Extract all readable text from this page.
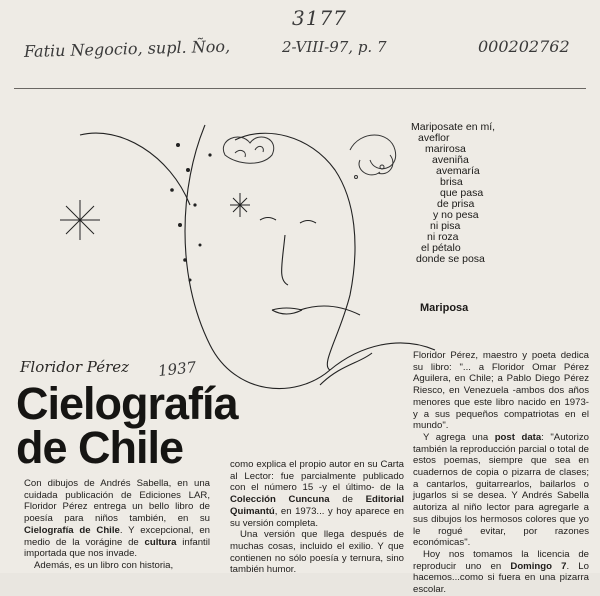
3177
Fatiu Negocio, supl. Ñoo,	2-VIII-97, p. 7	000202762
Mariposate en mí,
aveflor
marirosa
aveniña
avemaría
brisa
que pasa
de prisa
y no pesa
ni pisa
ni roza
el pétalo
donde se posa
Mariposa
Floridor Pérez 1937
Cielografía
de Chile

Con dibujos de Andrés Sabella, en una cuidada publicación de Ediciones LAR, Floridor Pérez entrega un bello libro de poesía para niños también, en su Cielografía de Chile. Y excepcional, en medio de la vorágine de cultura infantil importada que nos invade.

Además, es un libro con historia,

como explica el propio autor en su Carta al Lector: fue parcialmente publicado con el número 15 -y el último- de la Colección Cuncuna de Editorial Quimantú, en 1973... y hoy aparece en su versión completa.

Una versión que llega después de muchas cosas, incluido el exilio. Y que contienen no sólo poesía y ternura, sino también humor.

Floridor Pérez, maestro y poeta dedica su libro: "... a Floridor Omar Pérez Aguilera, en Chile; a Pablo Diego Pérez Riesco, en Venezuela -ambos dos años menores que este libro nacido en 1973- y a sus pequeños compatriotas en el mundo".

Y agrega una post data: "Autorizo también la reproducción parcial o total de estos poemas, siempre que sea en cuadernos de copia o pizarra de clases; a cantarlos, guitarrearlos, bailarlos o jugarlos si se desea. Y Andrés Sabella autoriza al niño lector para agregarle a sus dibujos los hermosos colores que yo le rogué evitar, por razones económicas".

Hoy nos tomamos la licencia de reproducir uno en Domingo 7. Lo hacemos...como si fuera en una pizarra escolar.
